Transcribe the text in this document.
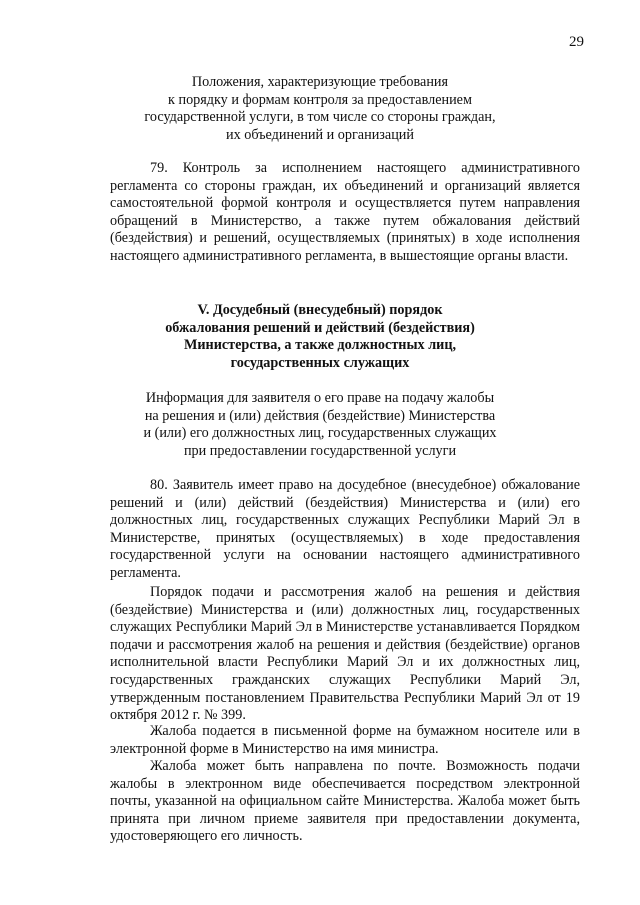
29
Положения, характеризующие требования
к порядку и формам контроля за предоставлением
государственной услуги, в том числе со стороны граждан,
их объединений и организаций

79. Контроль за исполнением настоящего административного регламента со стороны граждан, их объединений и организаций является самостоятельной формой контроля и осуществляется путем направления обращений в Министерство, а также путем обжалования действий (бездействия) и решений, осуществляемых (принятых) в ходе исполнения настоящего административного регламента, в вышестоящие органы власти.

V. Досудебный (внесудебный) порядок
обжалования решений и действий (бездействия)
Министерства, а также должностных лиц,
государственных служащих
Информация для заявителя о его праве на подачу жалобы
на решения и (или) действия (бездействие) Министерства
и (или) его должностных лиц, государственных служащих
при предоставлении государственной услуги

80. Заявитель имеет право на досудебное (внесудебное) обжалование решений и (или) действий (бездействия) Министерства и (или) его должностных лиц, государственных служащих Республики Марий Эл в Министерстве, принятых (осуществляемых) в ходе предоставления государственной услуги на основании настоящего административного регламента.

Порядок подачи и рассмотрения жалоб на решения и действия (бездействие) Министерства и (или) должностных лиц, государственных служащих Республики Марий Эл в Министерстве устанавливается Порядком подачи и рассмотрения жалоб на решения и действия (бездействие) органов исполнительной власти Республики Марий Эл и их должностных лиц, государственных гражданских служащих Республики Марий Эл, утвержденным постановлением Правительства Республики Марий Эл от 19 октября 2012 г. № 399.

Жалоба подается в письменной форме на бумажном носителе или в электронной форме в Министерство на имя министра.

Жалоба может быть направлена по почте. Возможность подачи жалобы в электронном виде обеспечивается посредством электронной почты, указанной на официальном сайте Министерства. Жалоба может быть принята при личном приеме заявителя при предоставлении документа, удостоверяющего его личность.
